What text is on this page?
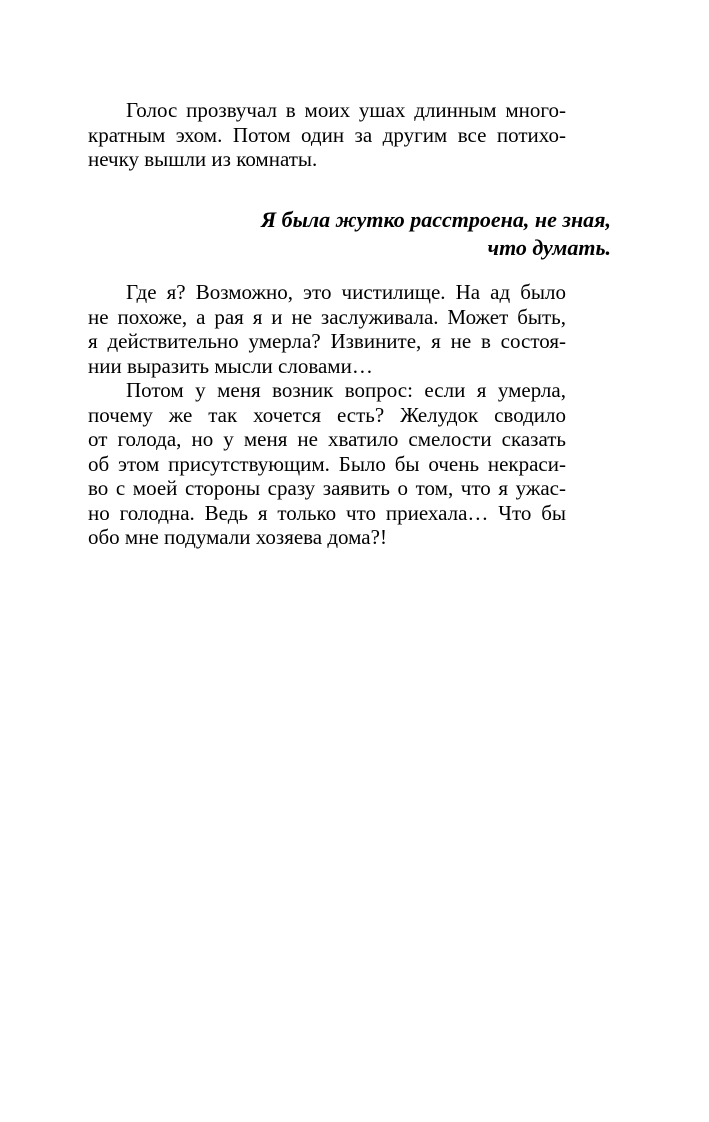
Голос прозвучал в моих ушах длинным много-
кратным эхом. Потом один за другим все потихо-
нечку вышли из комнаты.
Я была жутко расстроена, не зная,
что думать.
Где я? Возможно, это чистилище. На ад было
не похоже, а рая я и не заслуживала. Может быть,
я действительно умерла? Извините, я не в состоя-
нии выразить мысли словами…
Потом у меня возник вопрос: если я умерла,
почему же так хочется есть? Желудок сводило
от голода, но у меня не хватило смелости сказать
об этом присутствующим. Было бы очень некраси-
во с моей стороны сразу заявить о том, что я ужас-
но голодна. Ведь я только что приехала… Что бы
обо мне подумали хозяева дома?!
